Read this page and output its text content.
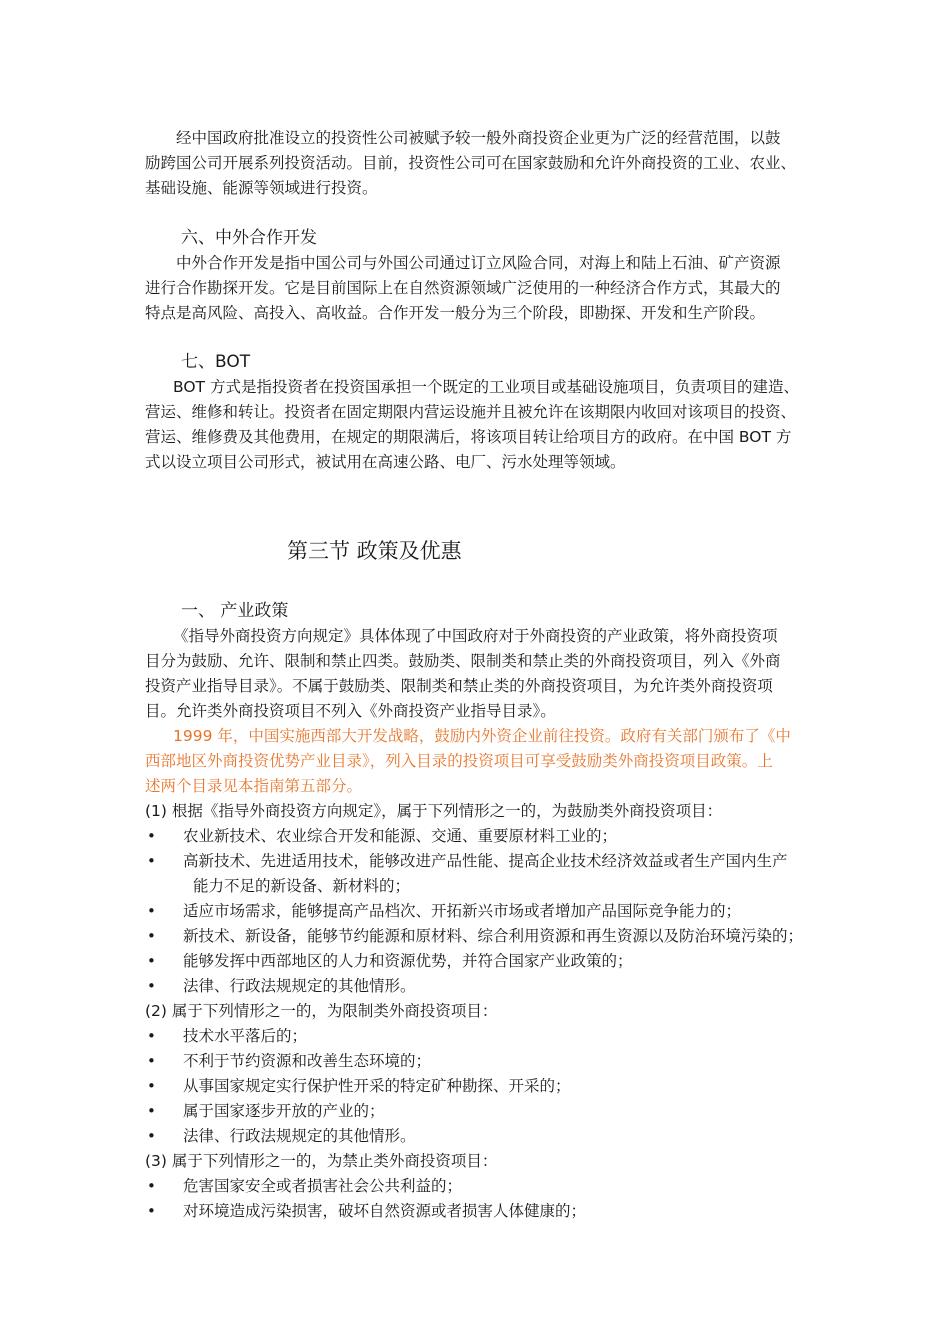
经中国政府批准设立的投资性公司被赋予较一般外商投资企业更为广泛的经营范围，以鼓
励跨国公司开展系列投资活动。目前，投资性公司可在国家鼓励和允许外商投资的工业、农业、
基础设施、能源等领域进行投资。
六、中外合作开发
中外合作开发是指中国公司与外国公司通过订立风险合同，对海上和陆上石油、矿产资源
进行合作勘探开发。它是目前国际上在自然资源领域广泛使用的一种经济合作方式，其最大的
特点是高风险、高投入、高收益。合作开发一般分为三个阶段，即勘探、开发和生产阶段。
七、BOT
BOT 方式是指投资者在投资国承担一个既定的工业项目或基础设施项目，负责项目的建造、
营运、维修和转让。投资者在固定期限内营运设施并且被允许在该期限内收回对该项目的投资、
营运、维修费及其他费用，在规定的期限满后，将该项目转让给项目方的政府。在中国 BOT 方
式以设立项目公司形式，被试用在高速公路、电厂、污水处理等领域。
第三节 政策及优惠
一、 产业政策
《指导外商投资方向规定》具体体现了中国政府对于外商投资的产业政策，将外商投资项
目分为鼓励、允许、限制和禁止四类。鼓励类、限制类和禁止类的外商投资项目，列入《外商
投资产业指导目录》。不属于鼓励类、限制类和禁止类的外商投资项目，为允许类外商投资项
目。允许类外商投资项目不列入《外商投资产业指导目录》。
1999 年，中国实施西部大开发战略，鼓励内外资企业前往投资。政府有关部门颁布了《中
西部地区外商投资优势产业目录》，列入目录的投资项目可享受鼓励类外商投资项目政策。上
述两个目录见本指南第五部分。
(1) 根据《指导外商投资方向规定》，属于下列情形之一的，为鼓励类外商投资项目：
• 农业新技术、农业综合开发和能源、交通、重要原材料工业的；
• 高新技术、先进适用技术，能够改进产品性能、提高企业技术经济效益或者生产国内生产
能力不足的新设备、新材料的；
• 适应市场需求，能够提高产品档次、开拓新兴市场或者增加产品国际竞争能力的；
• 新技术、新设备，能够节约能源和原材料、综合利用资源和再生资源以及防治环境污染的；
• 能够发挥中西部地区的人力和资源优势，并符合国家产业政策的；
• 法律、行政法规规定的其他情形。
(2) 属于下列情形之一的，为限制类外商投资项目：
• 技术水平落后的；
• 不利于节约资源和改善生态环境的；
• 从事国家规定实行保护性开采的特定矿种勘探、开采的；
• 属于国家逐步开放的产业的；
• 法律、行政法规规定的其他情形。
(3) 属于下列情形之一的，为禁止类外商投资项目：
• 危害国家安全或者损害社会公共利益的；
• 对环境造成污染损害，破坏自然资源或者损害人体健康的；
